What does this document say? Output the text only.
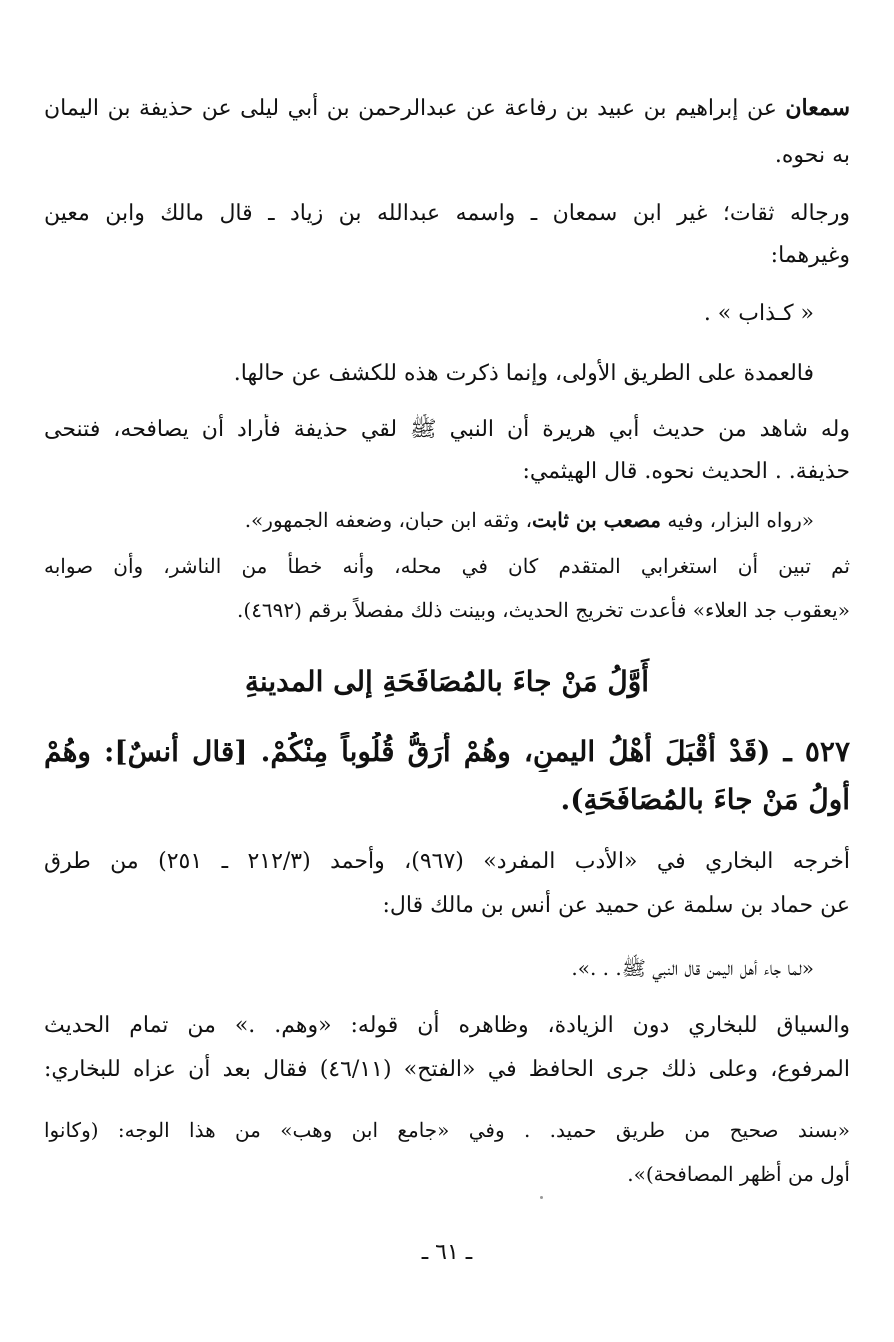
سمعان عن إبراهيم بن عبيد بن رفاعة عن عبدالرحمن بن أبي ليلى عن حذيفة بن اليمان
به نحوه.
ورجاله ثقات؛ غير ابن سمعان ـ واسمه عبدالله بن زياد ـ قال مالك وابن معين
وغيرهما:
« كـذاب » .
فالعمدة على الطريق الأولى، وإنما ذكرت هذه للكشف عن حالها.
وله شاهد من حديث أبي هريرة أن النبي ﷺ لقي حذيفة فأراد أن يصافحه، فتنحى
حذيفة. . الحديث نحوه. قال الهيثمي:
«رواه البزار، وفيه مصعب بن ثابت، وثقه ابن حبان، وضعفه الجمهور».
ثم تبين أن استغرابي المتقدم كان في محله، وأنه خطأ من الناشر، وأن صوابه
«يعقوب جد العلاء» فأعدت تخريج الحديث، وبينت ذلك مفصلاً برقم (٤٦٩٢).
أَوَّلُ مَنْ جاءَ بالمُصَافَحَةِ إلى المدينةِ
٥٢٧ ـ (قَدْ أَقْبَلَ أَهْلُ اليمنِ، وهُمْ أَرَقُّ قُلُوباً مِنْكُمْ. [قال أنسٌ]: وهُمْ
أولُ مَنْ جاءَ بالمُصَافَحَةِ).
أخرجه البخاري في «الأدب المفرد» (٩٦٧)، وأحمد (٢١٢/٣ ـ ٢٥١) من طرق
عن حماد بن سلمة عن حميد عن أنس بن مالك قال:
«لما جاء أهل اليمن قال النبي ﷺ. . .».
والسياق للبخاري دون الزيادة، وظاهره أن قوله: «وهم. .» من تمام الحديث
المرفوع، وعلى ذلك جرى الحافظ في «الفتح» (٤٦/١١) فقال بعد أن عزاه للبخاري:
«بسند صحيح من طريق حميد. . وفي «جامع ابن وهب» من هذا الوجه: (وكانوا
أول من أظهر المصافحة)».
ـ ٦١ ـ
